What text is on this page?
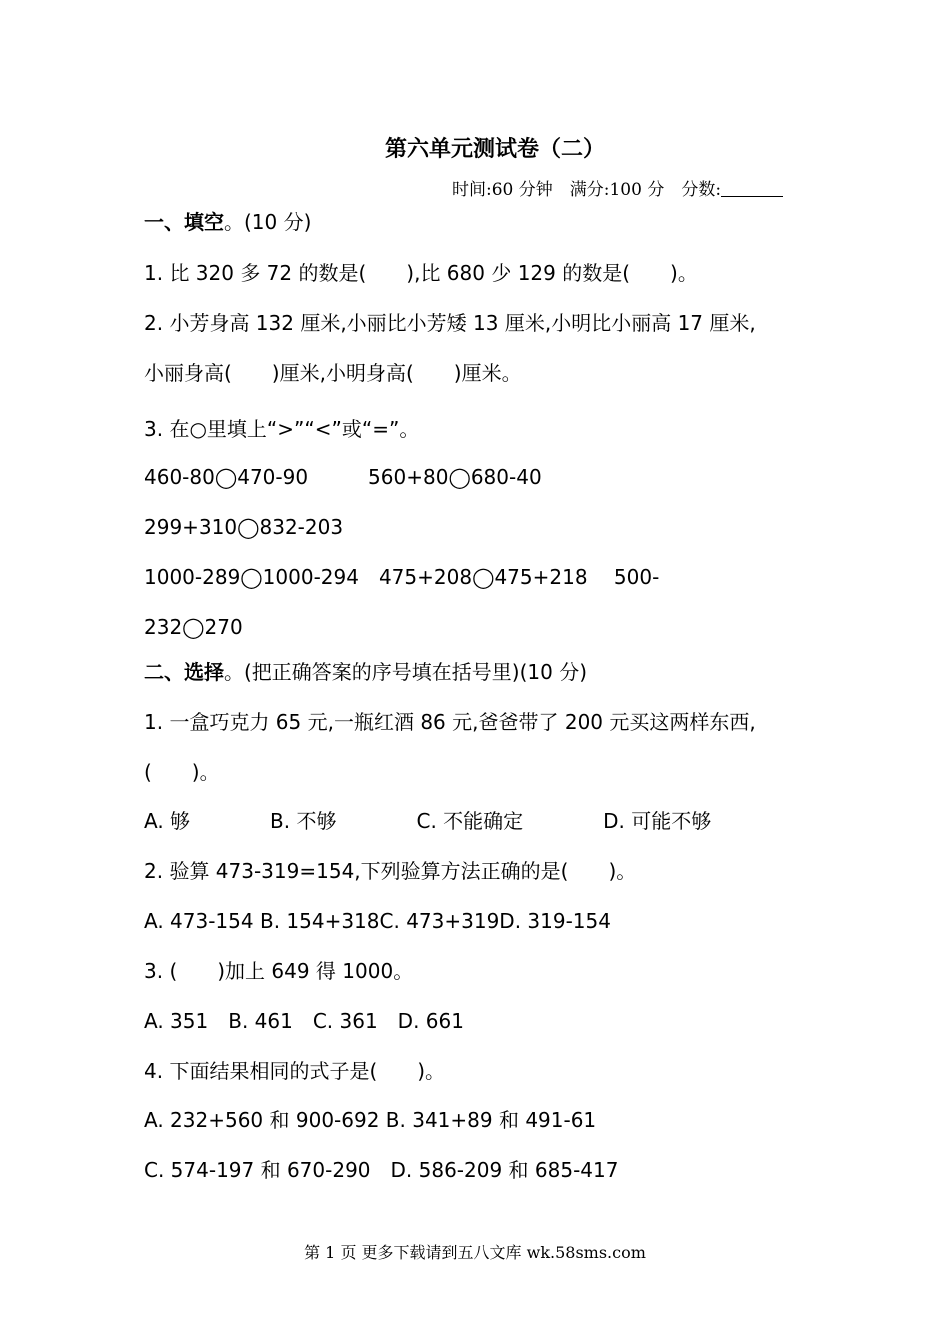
第六单元测试卷（二）
时间:60 分钟　满分:100 分　分数:
一、填空。(10 分)
1. 比 320 多 72 的数是(　　),比 680 少 129 的数是(　　)。
2. 小芳身高 132 厘米,小丽比小芳矮 13 厘米,小明比小丽高 17 厘米,
小丽身高(　　)厘米,小明身高(　　)厘米。
3. 在○里填上“>”“<”或“=”。
460-80◯470-90　　　560+80◯680-40
299+310◯832-203
1000-289◯1000-294　475+208◯475+218　 500-
232◯270
二、选择。(把正确答案的序号填在括号里)(10 分)
1. 一盒巧克力 65 元,一瓶红酒 86 元,爸爸带了 200 元买这两样东西,
(　　)。
A. 够　　　　B. 不够　　　　C. 不能确定　　　　D. 可能不够
2. 验算 473-319=154,下列验算方法正确的是(　　)。
A. 473-154 B. 154+318C. 473+319D. 319-154
3. (　　)加上 649 得 1000。
A. 351　B. 461　C. 361　D. 661
4. 下面结果相同的式子是(　　)。
A. 232+560 和 900-692 B. 341+89 和 491-61
C. 574-197 和 670-290　D. 586-209 和 685-417
第 1 页 更多下载请到五八文库 wk.58sms.com
